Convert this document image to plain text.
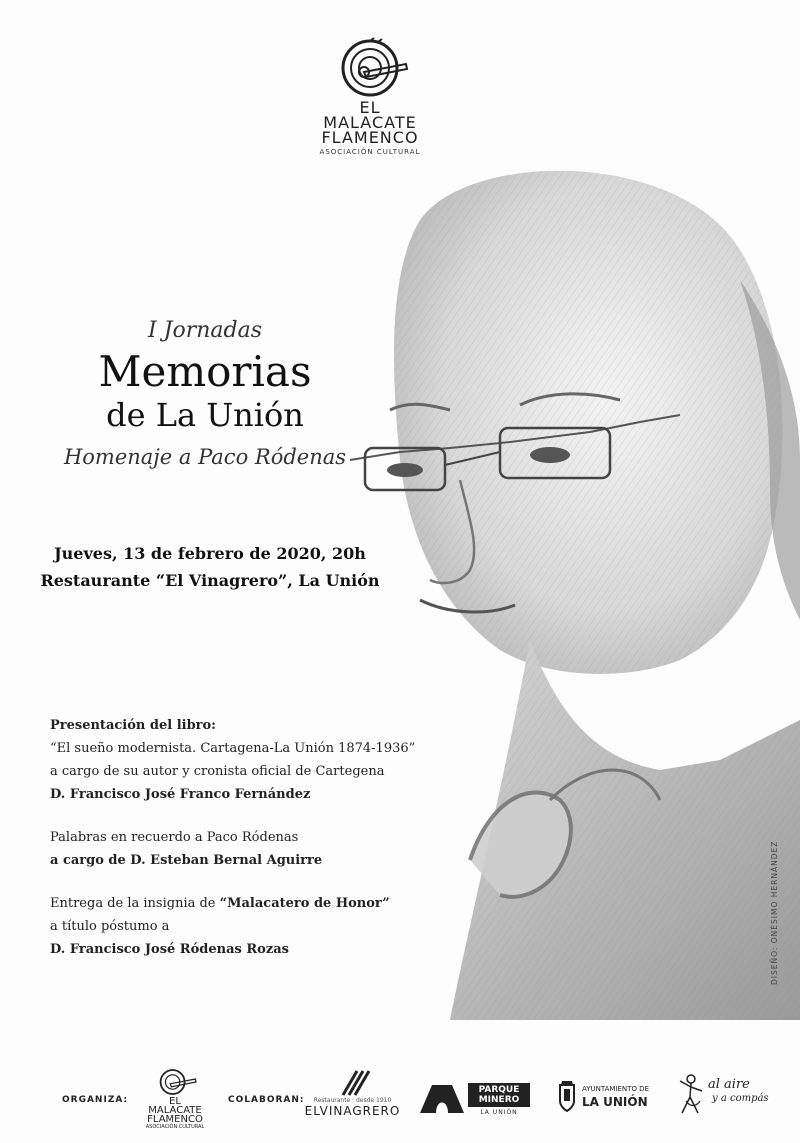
EL
MALACATE
FLAMENCO
ASOCIACIÓN CULTURAL
I Jornadas
Memorias
de La Unión
Homenaje a Paco Ródenas
Jueves, 13 de febrero de 2020, 20h
Restaurante “El Vinagrero”, La Unión
Presentación del libro:
“El sueño modernista. Cartagena-La Unión 1874-1936”
a cargo de su autor y cronista oficial de Cartegena
D. Francisco José Franco Fernández
Palabras en recuerdo a Paco Ródenas
a cargo de D. Esteban Bernal Aguirre
Entrega de la insignia de “Malacatero de Honor”
a título póstumo a
D. Francisco José Ródenas Rozas	DISEÑO: ONÉSIMO HERNÁNDEZ
ORGANIZA:	EL
MALACATE
FLAMENCO
ASOCIACIÓN CULTURAL
COLABORAN:	Restaurante · desde 1910
ELVINAGRERO
PARQUE
MINERO
LA UNIÓN
AYUNTAMIENTO DE
LA UNIÓN
al aire
y a compás
